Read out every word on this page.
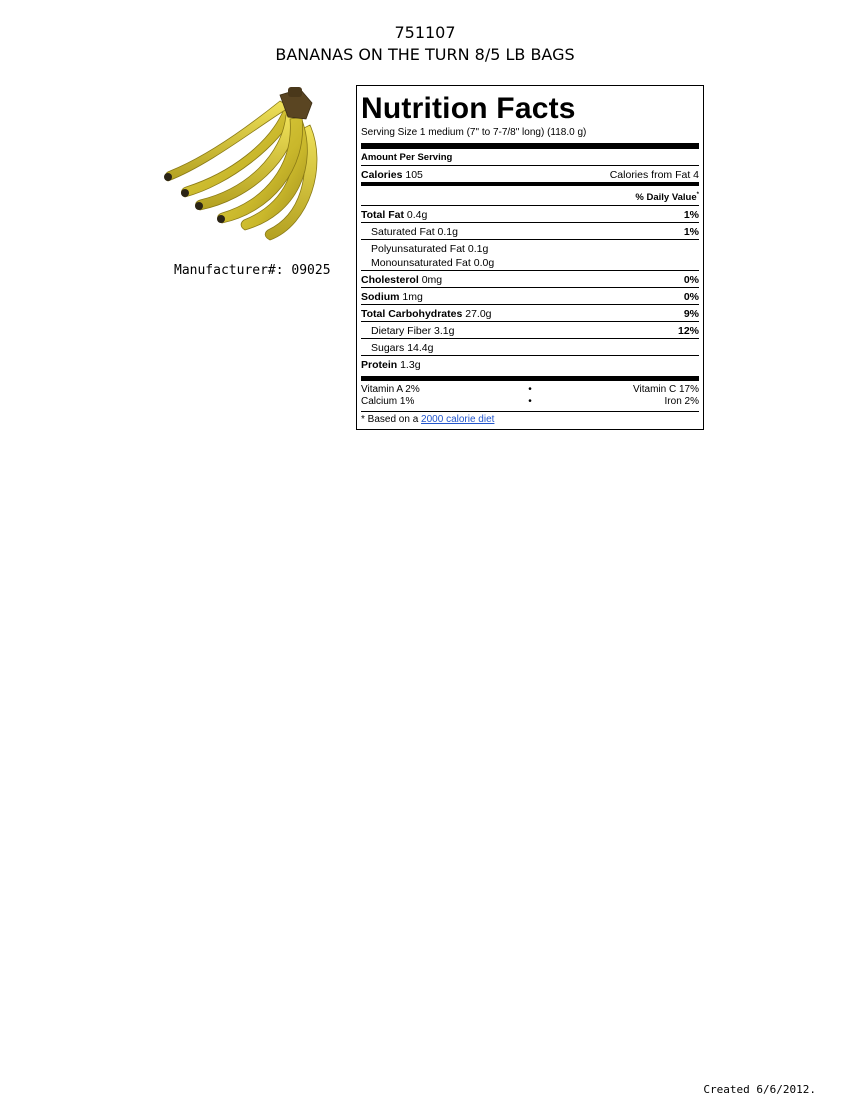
751107
BANANAS ON THE TURN 8/5 LB BAGS
Manufacturer#: 09025
Nutrition Facts
Serving Size 1 medium (7" to 7-7/8" long) (118.0 g)
Amount Per Serving
Calories 105	Calories from Fat 4
% Daily Value*
Total Fat 0.4g	1%
Saturated Fat 0.1g	1%
Polyunsaturated Fat 0.1g
Monounsaturated Fat 0.0g
Cholesterol 0mg	0%
Sodium 1mg	0%
Total Carbohydrates 27.0g	9%
Dietary Fiber 3.1g	12%
Sugars 14.4g
Protein 1.3g
Vitamin A 2%	•	Vitamin C 17%
Calcium 1%	•	Iron 2%
* Based on a 2000 calorie diet
Created 6/6/2012.
